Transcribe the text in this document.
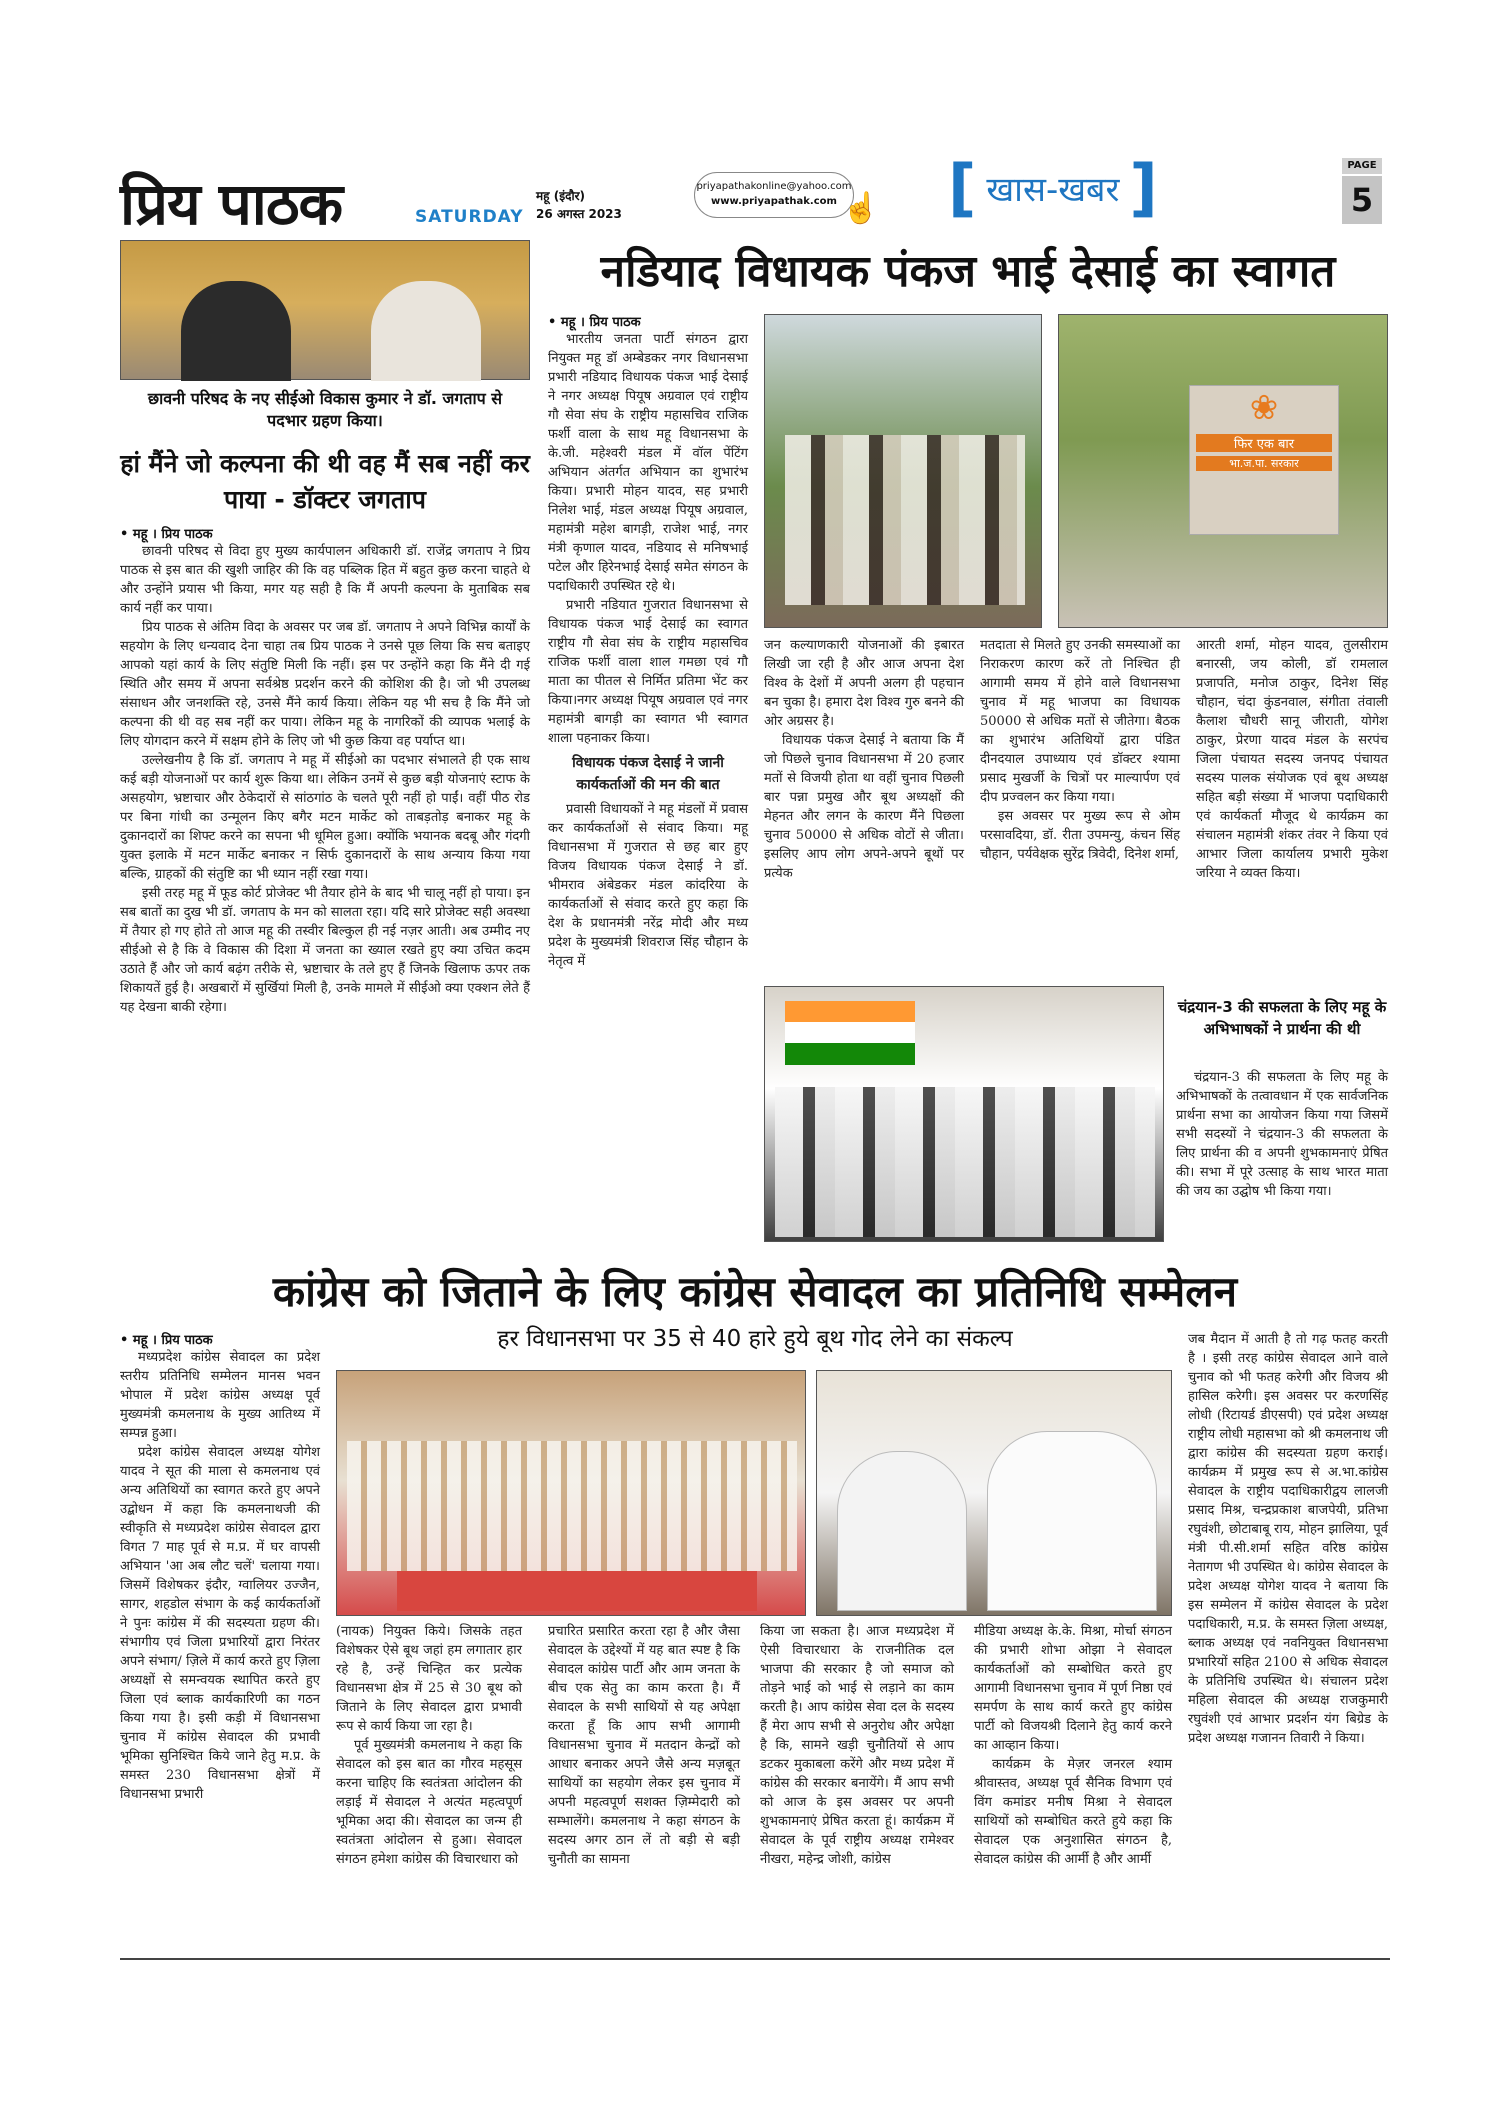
प्रिय पाठक	SATURDAY
महू (इंदौर)
26 अगस्त 2023
priyapathakonline@yahoo.com
www.priyapathak.com ☝ [ $^{खास-खबर}$ ]	PAGE
5
छावनी परिषद के नए सीईओ विकास कुमार ने डॉ. जगताप से पदभार ग्रहण किया।
हां मैंने जो कल्पना की थी वह मैं सब नहीं कर पाया - डॉक्टर जगताप
• महू । प्रिय पाठक

छावनी परिषद से विदा हुए मुख्य कार्यपालन अधिकारी डॉ. राजेंद्र जगताप ने प्रिय पाठक से इस बात की खुशी जाहिर की कि वह पब्लिक हित में बहुत कुछ करना चाहते थे और उन्होंने प्रयास भी किया, मगर यह सही है कि मैं अपनी कल्पना के मुताबिक सब कार्य नहीं कर पाया।

प्रिय पाठक से अंतिम विदा के अवसर पर जब डॉ. जगताप ने अपने विभिन्न कार्यों के सहयोग के लिए धन्यवाद देना चाहा तब प्रिय पाठक ने उनसे पूछ लिया कि सच बताइए आपको यहां कार्य के लिए संतुष्टि मिली कि नहीं। इस पर उन्होंने कहा कि मैंने दी गई स्थिति और समय में अपना सर्वश्रेष्ठ प्रदर्शन करने की कोशिश की है। जो भी उपलब्ध संसाधन और जनशक्ति रहे, उनसे मैंने कार्य किया। लेकिन यह भी सच है कि मैंने जो कल्पना की थी वह सब नहीं कर पाया। लेकिन महू के नागरिकों की व्यापक भलाई के लिए योगदान करने में सक्षम होने के लिए जो भी कुछ किया वह पर्याप्त था।

उल्लेखनीय है कि डॉ. जगताप ने महू में सीईओ का पदभार संभालते ही एक साथ कई बड़ी योजनाओं पर कार्य शुरू किया था। लेकिन उनमें से कुछ बड़ी योजनाएं स्टाफ के असहयोग, भ्रष्टाचार और ठेकेदारों से सांठगांठ के चलते पूरी नहीं हो पाईं। वहीं पीठ रोड पर बिना गांधी का उन्मूलन किए बगैर मटन मार्केट को ताबड़तोड़ बनाकर महू के दुकानदारों का शिफ्ट करने का सपना भी धूमिल हुआ। क्योंकि भयानक बदबू और गंदगी युक्त इलाके में मटन मार्केट बनाकर न सिर्फ दुकानदारों के साथ अन्याय किया गया बल्कि, ग्राहकों की संतुष्टि का भी ध्यान नहीं रखा गया।

इसी तरह महू में फूड कोर्ट प्रोजेक्ट भी तैयार होने के बाद भी चालू नहीं हो पाया। इन सब बातों का दुख भी डॉ. जगताप के मन को सालता रहा। यदि सारे प्रोजेक्ट सही अवस्था में तैयार हो गए होते तो आज महू की तस्वीर बिल्कुल ही नई नज़र आती। अब उम्मीद नए सीईओ से है कि वे विकास की दिशा में जनता का ख्याल रखते हुए क्या उचित कदम उठाते हैं और जो कार्य बढ़ंग तरीके से, भ्रष्टाचार के तले हुए हैं जिनके खिलाफ ऊपर तक शिकायतें हुई है। अखबारों में सुर्खियां मिली है, उनके मामले में सीईओ क्या एक्शन लेते हैं यह देखना बाकी रहेगा।

नडियाद विधायक पंकज भाई देसाई का स्वागत
• महू । प्रिय पाठक

भारतीय जनता पार्टी संगठन द्वारा नियुक्त महू डॉ अम्बेडकर नगर विधानसभा प्रभारी नडियाद विधायक पंकज भाई देसाई ने नगर अध्यक्ष पियूष अग्रवाल एवं राष्ट्रीय गौ सेवा संघ के राष्ट्रीय महासचिव राजिक फर्शी वाला के साथ महू विधानसभा के के.जी. महेश्वरी मंडल में वॉल पेंटिंग अभियान अंतर्गत अभियान का शुभारंभ किया। प्रभारी मोहन यादव, सह प्रभारी निलेश भाई, मंडल अध्यक्ष पियूष अग्रवाल, महामंत्री महेश बागड़ी, राजेश भाई, नगर मंत्री कृणाल यादव, नडियाद से मनिषभाई पटेल और हिरेनभाई देसाई समेत संगठन के पदाधिकारी उपस्थित रहे थे।

प्रभारी नडियात गुजरात विधानसभा से विधायक पंकज भाई देसाई का स्वागत राष्ट्रीय गौ सेवा संघ के राष्ट्रीय महासचिव राजिक फर्शी वाला शाल गमछा एवं गौ माता का पीतल से निर्मित प्रतिमा भेंट कर किया।नगर अध्यक्ष पियूष अग्रवाल एवं नगर महामंत्री बागड़ी का स्वागत भी स्वागत शाला पहनाकर किया।

विधायक पंकज देसाई ने जानी कार्यकर्ताओं की मन की बात

प्रवासी विधायकों ने महू मंडलों में प्रवास कर कार्यकर्ताओं से संवाद किया। महू विधानसभा में गुजरात से छह बार हुए विजय विधायक पंकज देसाई ने डॉ. भीमराव अंबेडकर मंडल कांदरिया के कार्यकर्ताओं से संवाद करते हुए कहा कि देश के प्रधानमंत्री नरेंद्र मोदी और मध्य प्रदेश के मुख्यमंत्री शिवराज सिंह चौहान के नेतृत्व में

❀
फिर एक बार
भा.ज.पा. सरकार

जन कल्याणकारी योजनाओं की इबारत लिखी जा रही है और आज अपना देश विश्व के देशों में अपनी अलग ही पहचान बन चुका है। हमारा देश विश्व गुरु बनने की ओर अग्रसर है।

विधायक पंकज देसाई ने बताया कि मैं जो पिछले चुनाव विधानसभा में 20 हजार मतों से विजयी होता था वहीं चुनाव पिछली बार पन्ना प्रमुख और बूथ अध्यक्षों की मेहनत और लगन के कारण मैंने पिछला चुनाव 50000 से अधिक वोटों से जीता। इसलिए आप लोग अपने-अपने बूथों पर प्रत्येक

मतदाता से मिलते हुए उनकी समस्याओं का निराकरण कारण करें तो निश्चित ही आगामी समय में होने वाले विधानसभा चुनाव में महू भाजपा का विधायक 50000 से अधिक मतों से जीतेगा। बैठक का शुभारंभ अतिथियों द्वारा पंडित दीनदयाल उपाध्याय एवं डॉक्टर श्यामा प्रसाद मुखर्जी के चित्रों पर माल्यार्पण एवं दीप प्रज्वलन कर किया गया।

इस अवसर पर मुख्य रूप से ओम परसावदिया, डॉ. रीता उपमन्यु, कंचन सिंह चौहान, पर्यवेक्षक सुरेंद्र त्रिवेदी, दिनेश शर्मा,

आरती शर्मा, मोहन यादव, तुलसीराम बनारसी, जय कोली, डॉ रामलाल प्रजापति, मनोज ठाकुर, दिनेश सिंह चौहान, चंदा कुंडनवाल, संगीता तंवाली कैलाश चौधरी सानू जीराती, योगेश ठाकुर, प्रेरणा यादव मंडल के सरपंच जिला पंचायत सदस्य जनपद पंचायत सदस्य पालक संयोजक एवं बूथ अध्यक्ष सहित बड़ी संख्या में भाजपा पदाधिकारी एवं कार्यकर्ता मौजूद थे कार्यक्रम का संचालन महामंत्री शंकर तंवर ने किया एवं आभार जिला कार्यालय प्रभारी मुकेश जरिया ने व्यक्त किया।

चंद्रयान-3 की सफलता के लिए महू के अभिभाषकों ने प्रार्थना की थी

चंद्रयान-3 की सफलता के लिए महू के अभिभाषकों के तत्वावधान में एक सार्वजनिक प्रार्थना सभा का आयोजन किया गया जिसमें सभी सदस्यों ने चंद्रयान-3 की सफलता के लिए प्रार्थना की व अपनी शुभकामनाएं प्रेषित की। सभा में पूरे उत्साह के साथ भारत माता की जय का उद्घोष भी किया गया।

कांग्रेस को जिताने के लिए कांग्रेस सेवादल का प्रतिनिधि सम्मेलन
• महू । प्रिय पाठक	हर विधानसभा पर 35 से 40 हारे हुये बूथ गोद लेने का संकल्प

मध्यप्रदेश कांग्रेस सेवादल का प्रदेश स्तरीय प्रतिनिधि सम्मेलन मानस भवन भोपाल में प्रदेश कांग्रेस अध्यक्ष पूर्व मुख्यमंत्री कमलनाथ के मुख्य आतिथ्य में सम्पन्न हुआ।

प्रदेश कांग्रेस सेवादल अध्यक्ष योगेश यादव ने सूत की माला से कमलनाथ एवं अन्य अतिथियों का स्वागत करते हुए अपने उद्बोधन में कहा कि कमलनाथजी की स्वीकृति से मध्यप्रदेश कांग्रेस सेवादल द्वारा विगत 7 माह पूर्व से म.प्र. में घर वापसी अभियान 'आ अब लौट चलें' चलाया गया। जिसमें विशेषकर इंदौर, ग्वालियर उज्जैन, सागर, शहडोल संभाग के कई कार्यकर्ताओं ने पुनः कांग्रेस में की सदस्यता ग्रहण की। संभागीय एवं जिला प्रभारियों द्वारा निरंतर अपने संभाग/ ज़िले में कार्य करते हुए ज़िला अध्यक्षों से समन्वयक स्थापित करते हुए जिला एवं ब्लाक कार्यकारिणी का गठन किया गया है। इसी कड़ी में विधानसभा चुनाव में कांग्रेस सेवादल की प्रभावी भूमिका सुनिश्चित किये जाने हेतु म.प्र. के समस्त 230 विधानसभा क्षेत्रों में विधानसभा प्रभारी

(नायक) नियुक्त किये। जिसके तहत विशेषकर ऐसे बूथ जहां हम लगातार हार रहे है, उन्हें चिन्हित कर प्रत्येक विधानसभा क्षेत्र में 25 से 30 बूथ को जिताने के लिए सेवादल द्वारा प्रभावी रूप से कार्य किया जा रहा है।

पूर्व मुख्यमंत्री कमलनाथ ने कहा कि सेवादल को इस बात का गौरव महसूस करना चाहिए कि स्वतंत्रता आंदोलन की लड़ाई में सेवादल ने अत्यंत महत्वपूर्ण भूमिका अदा की। सेवादल का जन्म ही स्वतंत्रता आंदोलन से हुआ। सेवादल संगठन हमेशा कांग्रेस की विचारधारा को

प्रचारित प्रसारित करता रहा है और जैसा सेवादल के उद्देश्यों में यह बात स्पष्ट है कि सेवादल कांग्रेस पार्टी और आम जनता के बीच एक सेतु का काम करता है। मैं सेवादल के सभी साथियों से यह अपेक्षा करता हूँ कि आप सभी आगामी विधानसभा चुनाव में मतदान केन्द्रों को आधार बनाकर अपने जैसे अन्य मज़बूत साथियों का सहयोग लेकर इस चुनाव में अपनी महत्वपूर्ण सशक्त ज़िम्मेदारी को सम्भालेंगे। कमलनाथ ने कहा संगठन के सदस्य अगर ठान लें तो बड़ी से बड़ी चुनौती का सामना

किया जा सकता है। आज मध्यप्रदेश में ऐसी विचारधारा के राजनीतिक दल भाजपा की सरकार है जो समाज को तोड़ने भाई को भाई से लड़ाने का काम करती है। आप कांग्रेस सेवा दल के सदस्य हैं मेरा आप सभी से अनुरोध और अपेक्षा है कि, सामने खड़ी चुनौतियों से आप डटकर मुकाबला करेंगे और मध्य प्रदेश में कांग्रेस की सरकार बनायेंगे। मैं आप सभी को आज के इस अवसर पर अपनी शुभकामनाएं प्रेषित करता हूं। कार्यक्रम में सेवादल के पूर्व राष्ट्रीय अध्यक्ष रामेश्वर नीखरा, महेन्द्र जोशी, कांग्रेस

मीडिया अध्यक्ष के.के. मिश्रा, मोर्चा संगठन की प्रभारी शोभा ओझा ने सेवादल कार्यकर्ताओं को सम्बोधित करते हुए आगामी विधानसभा चुनाव में पूर्ण निष्ठा एवं समर्पण के साथ कार्य करते हुए कांग्रेस पार्टी को विजयश्री दिलाने हेतु कार्य करने का आव्हान किया।

कार्यक्रम के मेज़र जनरल श्याम श्रीवास्तव, अध्यक्ष पूर्व सैनिक विभाग एवं विंग कमांडर मनीष मिश्रा ने सेवादल साथियों को सम्बोधित करते हुये कहा कि सेवादल एक अनुशासित संगठन है, सेवादल कांग्रेस की आर्मी है और आर्मी

जब मैदान में आती है तो गढ़ फतह करती है । इसी तरह कांग्रेस सेवादल आने वाले चुनाव को भी फतह करेगी और विजय श्री हासिल करेगी। इस अवसर पर करणसिंह लोधी (रिटायर्ड डीएसपी) एवं प्रदेश अध्यक्ष राष्ट्रीय लोधी महासभा को श्री कमलनाथ जी द्वारा कांग्रेस की सदस्यता ग्रहण कराई। कार्यक्रम में प्रमुख रूप से अ.भा.कांग्रेस सेवादल के राष्ट्रीय पदाधिकारीद्वय लालजी प्रसाद मिश्र, चन्द्रप्रकाश बाजपेयी, प्रतिभा रघुवंशी, छोटाबाबू राय, मोहन झालिया, पूर्व मंत्री पी.सी.शर्मा सहित वरिष्ठ कांग्रेस नेतागण भी उपस्थित थे। कांग्रेस सेवादल के प्रदेश अध्यक्ष योगेश यादव ने बताया कि इस सम्मेलन में कांग्रेस सेवादल के प्रदेश पदाधिकारी, म.प्र. के समस्त ज़िला अध्यक्ष, ब्लाक अध्यक्ष एवं नवनियुक्त विधानसभा प्रभारियों सहित 2100 से अधिक सेवादल के प्रतिनिधि उपस्थित थे। संचालन प्रदेश महिला सेवादल की अध्यक्ष राजकुमारी रघुवंशी एवं आभार प्रदर्शन यंग बिग्रेड के प्रदेश अध्यक्ष गजानन तिवारी ने किया।
